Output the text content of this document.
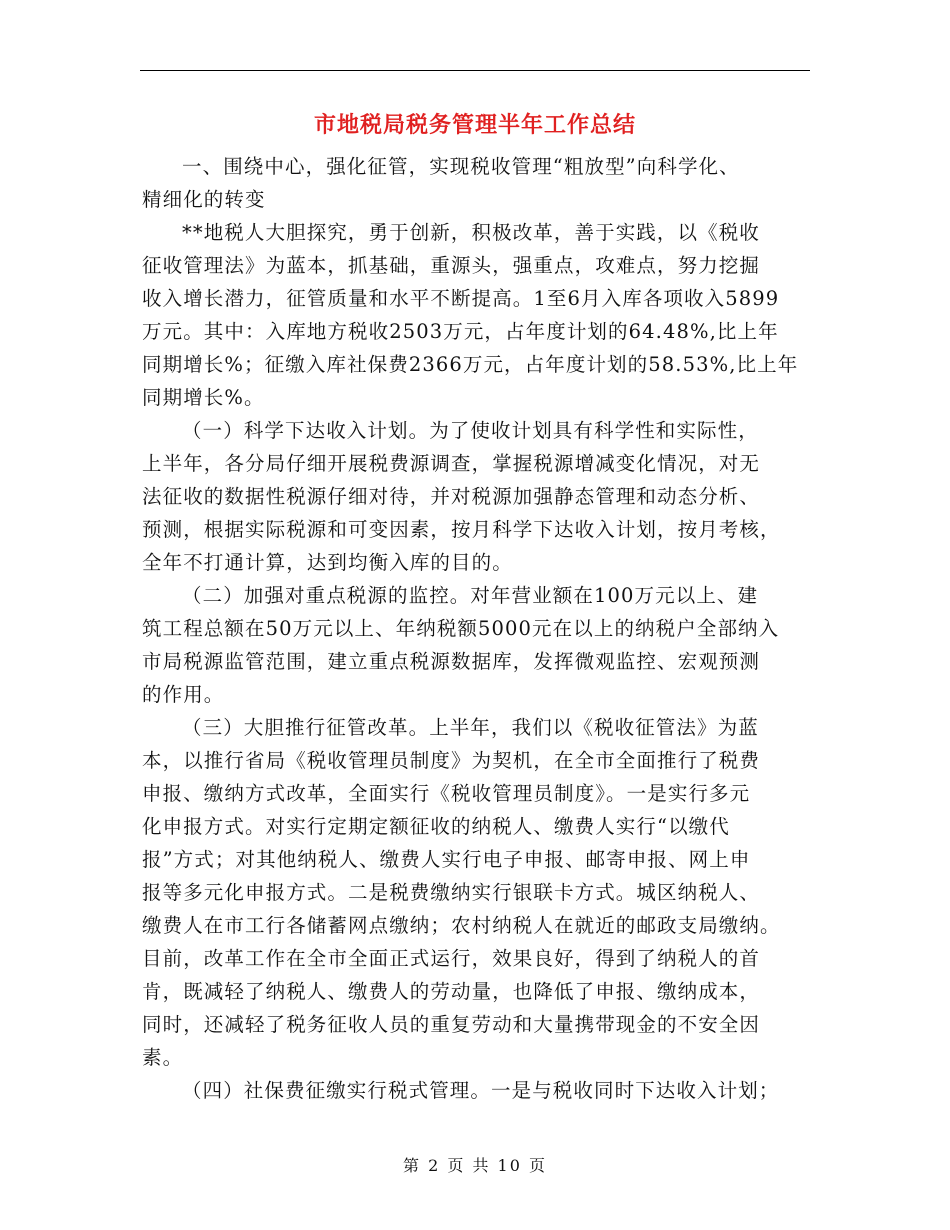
市地税局税务管理半年工作总结
一、围绕中心，强化征管，实现税收管理“粗放型”向科学化、
精细化的转变
**地税人大胆探究，勇于创新，积极改革，善于实践，以《税收
征收管理法》为蓝本，抓基础，重源头，强重点，攻难点，努力挖掘
收入增长潜力，征管质量和水平不断提高。1至6月入库各项收入5899
万元。其中：入库地方税收2503万元，占年度计划的64.48%,比上年
同期增长%；征缴入库社保费2366万元，占年度计划的58.53%,比上年
同期增长%。
（一）科学下达收入计划。为了使收计划具有科学性和实际性，
上半年，各分局仔细开展税费源调查，掌握税源增减变化情况，对无
法征收的数据性税源仔细对待，并对税源加强静态管理和动态分析、
预测，根据实际税源和可变因素，按月科学下达收入计划，按月考核，
全年不打通计算，达到均衡入库的目的。
（二）加强对重点税源的监控。对年营业额在100万元以上、建
筑工程总额在50万元以上、年纳税额5000元在以上的纳税户全部纳入
市局税源监管范围，建立重点税源数据库，发挥微观监控、宏观预测
的作用。
（三）大胆推行征管改革。上半年，我们以《税收征管法》为蓝
本，以推行省局《税收管理员制度》为契机，在全市全面推行了税费
申报、缴纳方式改革，全面实行《税收管理员制度》。一是实行多元
化申报方式。对实行定期定额征收的纳税人、缴费人实行“以缴代
报”方式；对其他纳税人、缴费人实行电子申报、邮寄申报、网上申
报等多元化申报方式。二是税费缴纳实行银联卡方式。城区纳税人、
缴费人在市工行各储蓄网点缴纳；农村纳税人在就近的邮政支局缴纳。
目前，改革工作在全市全面正式运行，效果良好，得到了纳税人的首
肯，既减轻了纳税人、缴费人的劳动量，也降低了申报、缴纳成本，
同时，还减轻了税务征收人员的重复劳动和大量携带现金的不安全因
素。
（四）社保费征缴实行税式管理。一是与税收同时下达收入计划；
第 2 页 共 10 页
